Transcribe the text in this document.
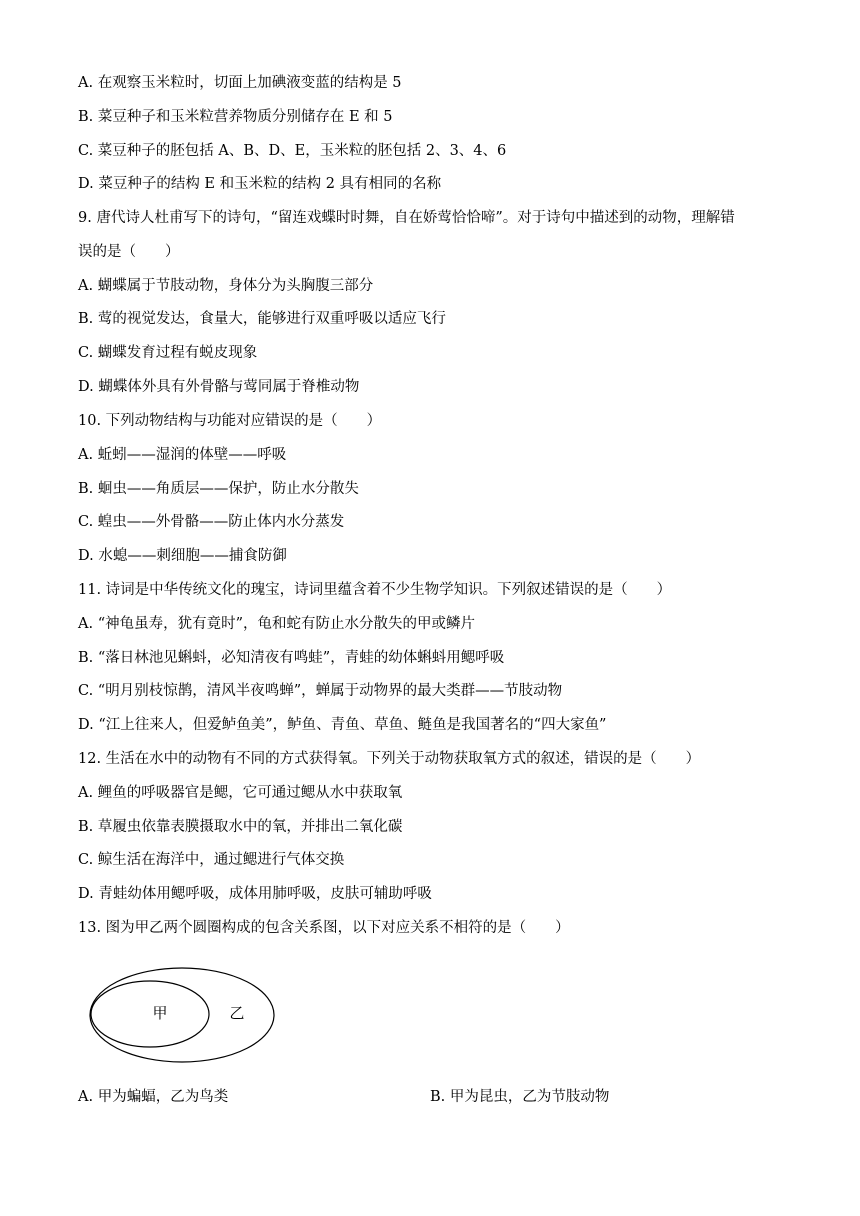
A. 在观察玉米粒时，切面上加碘液变蓝的结构是 5
B. 菜豆种子和玉米粒营养物质分别储存在 E 和 5
C. 菜豆种子的胚包括 A、B、D、E，玉米粒的胚包括 2、3、4、6
D. 菜豆种子的结构 E 和玉米粒的结构 2 具有相同的名称
9. 唐代诗人杜甫写下的诗句，“留连戏蝶时时舞，自在娇莺恰恰啼”。对于诗句中描述到的动物，理解错
误的是（　　）
A. 蝴蝶属于节肢动物，身体分为头胸腹三部分
B. 莺的视觉发达，食量大，能够进行双重呼吸以适应飞行
C. 蝴蝶发育过程有蜕皮现象
D. 蝴蝶体外具有外骨骼与莺同属于脊椎动物
10. 下列动物结构与功能对应错误的是（　　）
A. 蚯蚓——湿润的体壁——呼吸
B. 蛔虫——角质层——保护，防止水分散失
C. 蝗虫——外骨骼——防止体内水分蒸发
D. 水螅——刺细胞——捕食防御
11. 诗词是中华传统文化的瑰宝，诗词里蕴含着不少生物学知识。下列叙述错误的是（　　）
A. “神龟虽寿，犹有竟时”，龟和蛇有防止水分散失的甲或鳞片
B. “落日林池见蝌蚪，必知清夜有鸣蛙”，青蛙的幼体蝌蚪用鳃呼吸
C. “明月别枝惊鹊，清风半夜鸣蝉”，蝉属于动物界的最大类群——节肢动物
D. “江上往来人，但爱鲈鱼美”，鲈鱼、青鱼、草鱼、鲢鱼是我国著名的“四大家鱼”
12. 生活在水中的动物有不同的方式获得氧。下列关于动物获取氧方式的叙述，错误的是（　　）
A. 鲤鱼的呼吸器官是鳃，它可通过鳃从水中获取氧
B. 草履虫依靠表膜摄取水中的氧，并排出二氧化碳
C. 鲸生活在海洋中，通过鳃进行气体交换
D. 青蛙幼体用鳃呼吸，成体用肺呼吸，皮肤可辅助呼吸
13. 图为甲乙两个圆圈构成的包含关系图，以下对应关系不相符的是（　　）
甲	乙
A. 甲为蝙蝠，乙为鸟类	B. 甲为昆虫，乙为节肢动物
